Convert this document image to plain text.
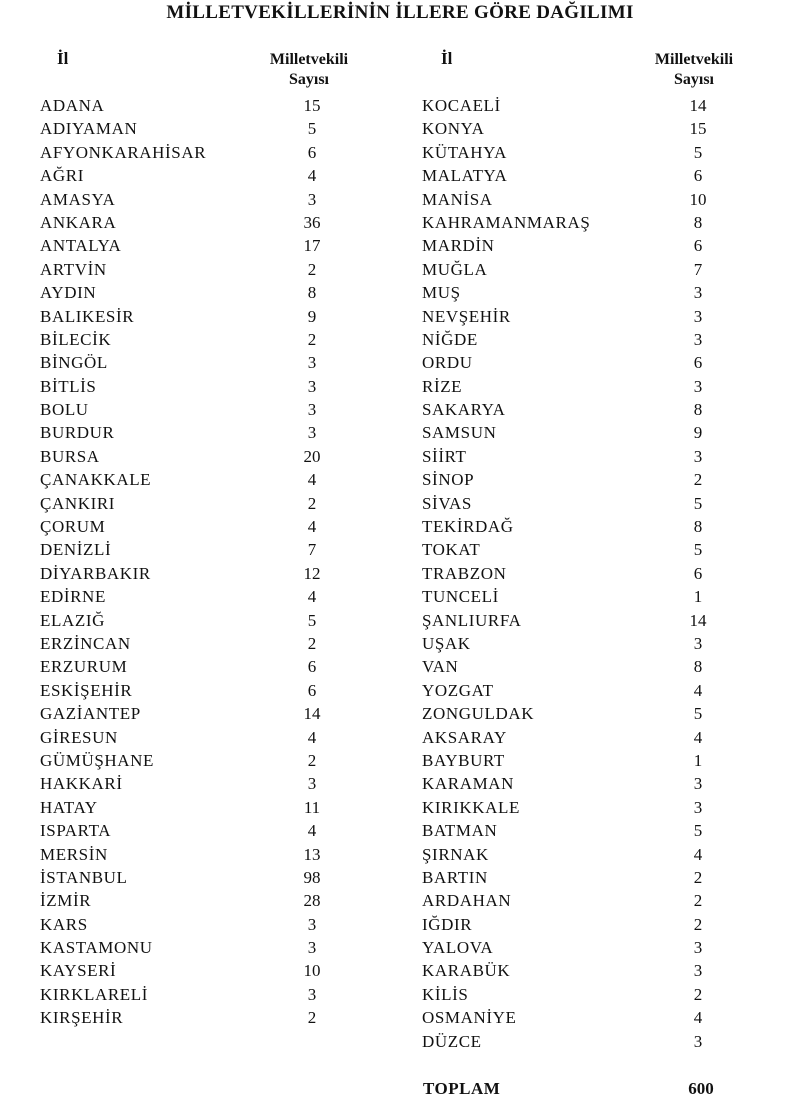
MİLLETVEKİLLERİNİN İLLERE GÖRE DAĞILIMI
İl	Milletvekili
Sayısı
ADANA	15
ADIYAMAN	5
AFYONKARAHİSAR	6
AĞRI	4
AMASYA	3
ANKARA	36
ANTALYA	17
ARTVİN	2
AYDIN	8
BALIKESİR	9
BİLECİK	2
BİNGÖL	3
BİTLİS	3
BOLU	3
BURDUR	3
BURSA	20
ÇANAKKALE	4
ÇANKIRI	2
ÇORUM	4
DENİZLİ	7
DİYARBAKIR	12
EDİRNE	4
ELAZIĞ	5
ERZİNCAN	2
ERZURUM	6
ESKİŞEHİR	6
GAZİANTEP	14
GİRESUN	4
GÜMÜŞHANE	2
HAKKARİ	3
HATAY	11
ISPARTA	4
MERSİN	13
İSTANBUL	98
İZMİR	28
KARS	3
KASTAMONU	3
KAYSERİ	10
KIRKLARELİ	3
KIRŞEHİR	2
İl	Milletvekili
Sayısı
KOCAELİ	14
KONYA	15
KÜTAHYA	5
MALATYA	6
MANİSA	10
KAHRAMANMARAŞ	8
MARDİN	6
MUĞLA	7
MUŞ	3
NEVŞEHİR	3
NİĞDE	3
ORDU	6
RİZE	3
SAKARYA	8
SAMSUN	9
SİİRT	3
SİNOP	2
SİVAS	5
TEKİRDAĞ	8
TOKAT	5
TRABZON	6
TUNCELİ	1
ŞANLIURFA	14
UŞAK	3
VAN	8
YOZGAT	4
ZONGULDAK	5
AKSARAY	4
BAYBURT	1
KARAMAN	3
KIRIKKALE	3
BATMAN	5
ŞIRNAK	4
BARTIN	2
ARDAHAN	2
IĞDIR	2
YALOVA	3
KARABÜK	3
KİLİS	2
OSMANİYE	4
DÜZCE	3
TOPLAM	600
